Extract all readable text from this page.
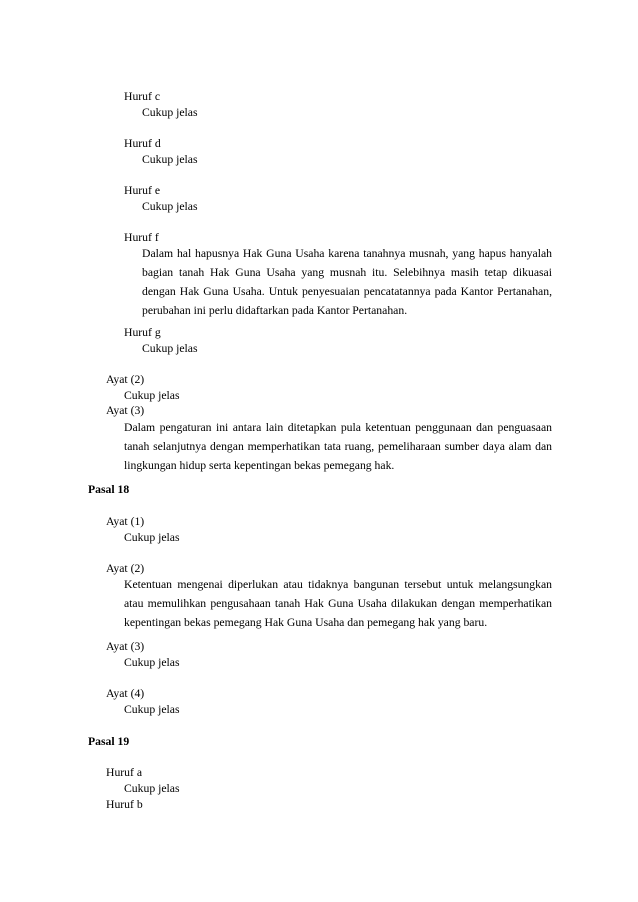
Huruf c
Cukup jelas
Huruf d
Cukup jelas
Huruf e
Cukup jelas
Huruf f
Dalam hal hapusnya Hak Guna Usaha karena tanahnya musnah, yang hapus hanyalah bagian tanah Hak Guna Usaha yang musnah itu. Selebihnya masih tetap dikuasai dengan Hak Guna Usaha. Untuk penyesuaian pencatatannya pada Kantor Pertanahan, perubahan ini perlu didaftarkan pada Kantor Pertanahan.
Huruf g
Cukup jelas
Ayat (2)
Cukup jelas
Ayat (3)
Dalam pengaturan ini antara lain ditetapkan pula ketentuan penggunaan dan penguasaan tanah selanjutnya dengan memperhatikan tata ruang, pemeliharaan sumber daya alam dan lingkungan hidup serta kepentingan bekas pemegang hak.
Pasal 18
Ayat (1)
Cukup jelas
Ayat (2)
Ketentuan mengenai diperlukan atau tidaknya bangunan tersebut untuk melangsungkan atau memulihkan pengusahaan tanah Hak Guna Usaha dilakukan dengan memperhatikan kepentingan bekas pemegang Hak Guna Usaha dan pemegang hak yang baru.
Ayat (3)
Cukup jelas
Ayat (4)
Cukup jelas
Pasal 19
Huruf a
Cukup jelas
Huruf b
